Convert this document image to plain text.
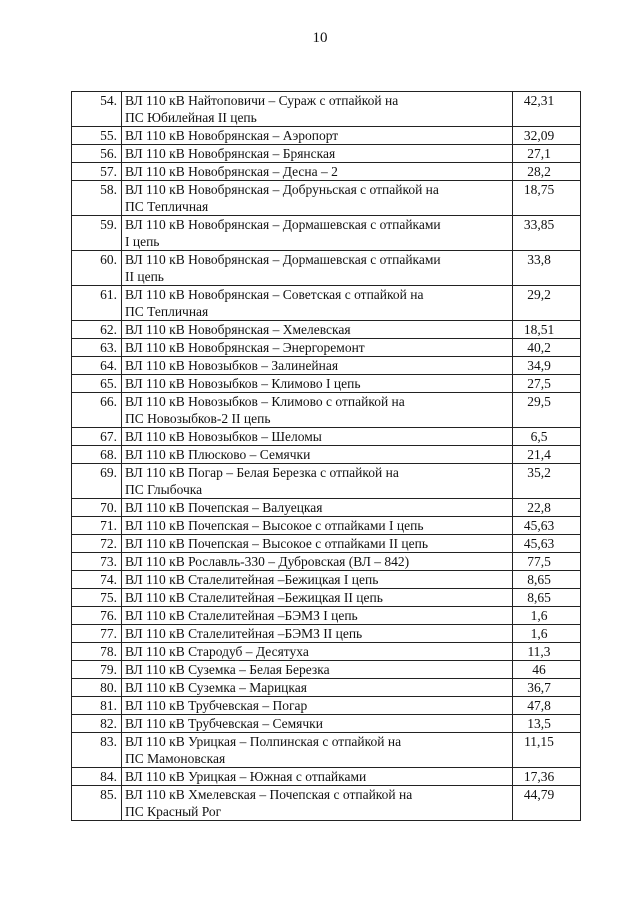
10
54.	ВЛ 110 кВ Найтоповичи – Сураж с отпайкой на
ПС Юбилейная II цепь	42,31
55.	ВЛ 110 кВ Новобрянская – Аэропорт	32,09
56.	ВЛ 110 кВ Новобрянская – Брянская	27,1
57.	ВЛ 110 кВ Новобрянская – Десна – 2	28,2
58.	ВЛ 110 кВ Новобрянская – Добруньская с отпайкой на
ПС Тепличная	18,75
59.	ВЛ 110 кВ Новобрянская – Дормашевская с отпайками
I цепь	33,85
60.	ВЛ 110 кВ Новобрянская – Дормашевская с отпайками
II цепь	33,8
61.	ВЛ 110 кВ Новобрянская – Советская с отпайкой на
ПС Тепличная	29,2
62.	ВЛ 110 кВ Новобрянская – Хмелевская	18,51
63.	ВЛ 110 кВ Новобрянская – Энергоремонт	40,2
64.	ВЛ 110 кВ Новозыбков – Залинейная	34,9
65.	ВЛ 110 кВ Новозыбков – Климово I цепь	27,5
66.	ВЛ 110 кВ Новозыбков – Климово с отпайкой на
ПС Новозыбков-2 II цепь	29,5
67.	ВЛ 110 кВ Новозыбков – Шеломы	6,5
68.	ВЛ 110 кВ Плюсково – Семячки	21,4
69.	ВЛ 110 кВ Погар – Белая Березка с отпайкой на
ПС Глыбочка	35,2
70.	ВЛ 110 кВ Почепская – Валуецкая	22,8
71.	ВЛ 110 кВ Почепская – Высокое с отпайками I цепь	45,63
72.	ВЛ 110 кВ Почепская – Высокое с отпайками II цепь	45,63
73.	ВЛ 110 кВ Рославль-330 – Дубровская (ВЛ – 842)	77,5
74.	ВЛ 110 кВ Сталелитейная –Бежицкая I цепь	8,65
75.	ВЛ 110 кВ Сталелитейная –Бежицкая II цепь	8,65
76.	ВЛ 110 кВ Сталелитейная –БЭМЗ I цепь	1,6
77.	ВЛ 110 кВ Сталелитейная –БЭМЗ II цепь	1,6
78.	ВЛ 110 кВ Стародуб – Десятуха	11,3
79.	ВЛ 110 кВ Суземка – Белая Березка	46
80.	ВЛ 110 кВ Суземка – Марицкая	36,7
81.	ВЛ 110 кВ Трубчевская – Погар	47,8
82.	ВЛ 110 кВ Трубчевская – Семячки	13,5
83.	ВЛ 110 кВ Урицкая – Полпинская с отпайкой на
ПС Мамоновская	11,15
84.	ВЛ 110 кВ Урицкая – Южная с отпайками	17,36
85.	ВЛ 110 кВ Хмелевская – Почепская с отпайкой на
ПС Красный Рог	44,79
